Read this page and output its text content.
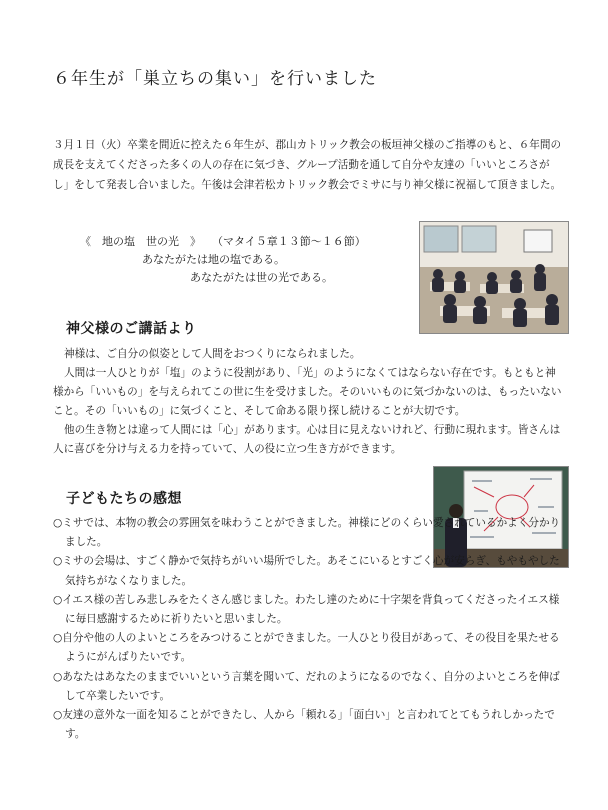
６年生が「巣立ちの集い」を行いました
３月１日（火）卒業を間近に控えた６年生が、郡山カトリック教会の板垣神父様のご指導のもと、６年間の成長を支えてくださった多くの人の存在に気づき、グループ活動を通して自分や友達の「いいところさがし」をして発表し合いました。午後は会津若松カトリック教会でミサに与り神父様に祝福して頂きました。
《　地の塩　世の光　》　　（マタイ５章１３節～１６節）
あなたがたは地の塩である。
あなたがたは世の光である。
神父様のご講話より

神様は、ご自分の似姿として人間をおつくりになられました。

人間は一人ひとりが「塩」のように役割があり、「光」のようになくてはならない存在です。もともと神様から「いいもの」を与えられてこの世に生を受けました。そのいいものに気づかないのは、もったいないこと。その「いいもの」に気づくこと、そして命ある限り探し続けることが大切です。

他の生き物とは違って人間には「心」があります。心は目に見えないけれど、行動に現れます。皆さんは人に喜びを分け与える力を持っていて、人の役に立つ生き方ができます。

子どもたちの感想

○ミサでは、本物の教会の雰囲気を味わうことができました。神様にどのくらい愛されているかよく分かりました。

○ミサの会場は、すごく静かで気持ちがいい場所でした。あそこにいるとすごく心が安らぎ、もやもやした気持ちがなくなりました。

○イエス様の苦しみ悲しみをたくさん感じました。わたし達のために十字架を背負ってくださったイエス様に毎日感謝するために祈りたいと思いました。

○自分や他の人のよいところをみつけることができました。一人ひとり役目があって、その役目を果たせるようにがんばりたいです。

○あなたはあなたのままでいいという言葉を聞いて、だれのようになるのでなく、自分のよいところを伸ばして卒業したいです。

○友達の意外な一面を知ることができたし、人から「頼れる」「面白い」と言われてとてもうれしかったです。
